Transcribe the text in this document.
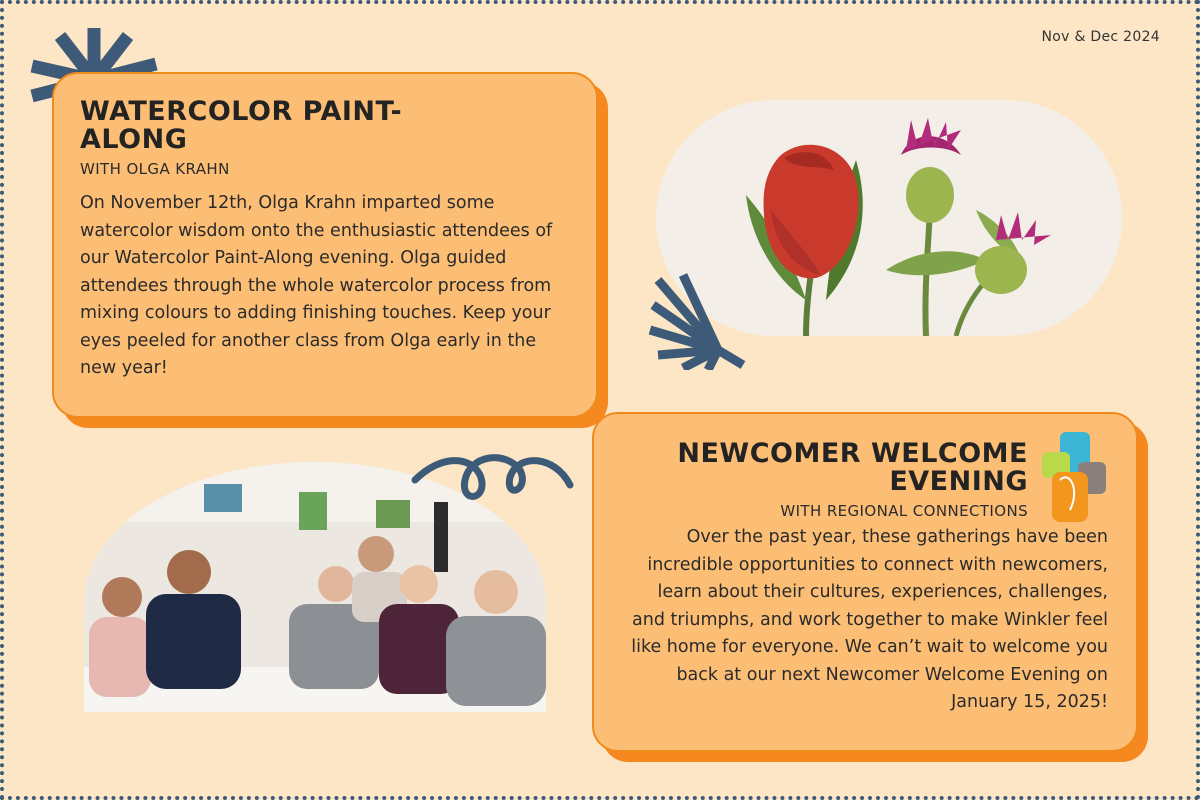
Nov & Dec 2024
WATERCOLOR PAINT-ALONG
WITH OLGA KRAHN

On November 12th, Olga Krahn imparted some watercolor wisdom onto the enthusiastic attendees of our Watercolor Paint-Along evening. Olga guided attendees through the whole watercolor process from mixing colours to adding finishing touches. Keep your eyes peeled for another class from Olga early in the new year!

NEWCOMER WELCOME EVENING
WITH REGIONAL CONNECTIONS

Over the past year, these gatherings have been incredible opportunities to connect with newcomers, learn about their cultures, experiences, challenges, and triumphs, and work together to make Winkler feel like home for everyone. We can’t wait to welcome you back at our next Newcomer Welcome Evening on January 15, 2025!
